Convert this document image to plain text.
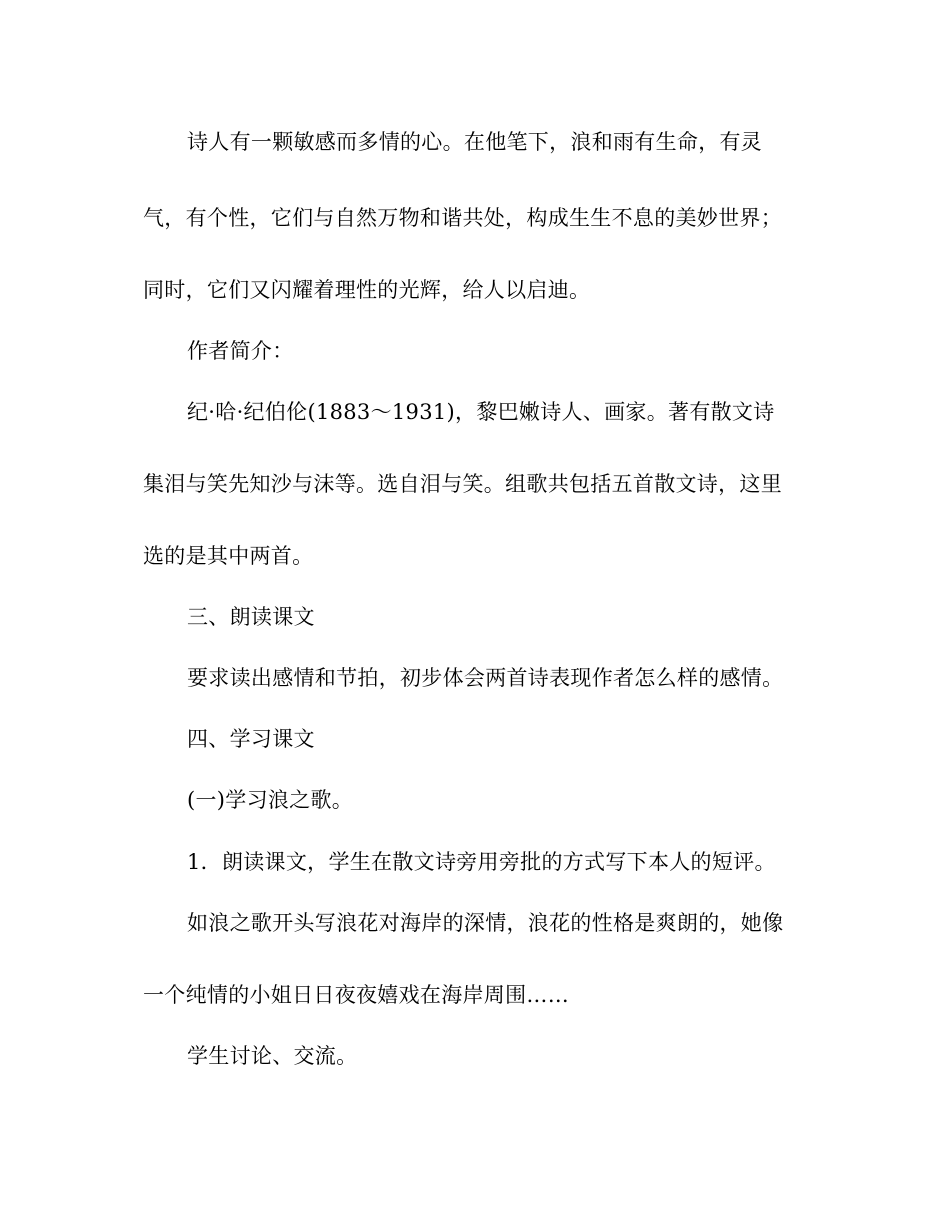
诗人有一颗敏感而多情的心。在他笔下，浪和雨有生命，有灵
气，有个性，它们与自然万物和谐共处，构成生生不息的美妙世界；
同时，它们又闪耀着理性的光辉，给人以启迪。
作者简介：
纪·哈·纪伯伦(1883～1931)，黎巴嫩诗人、画家。著有散文诗
集泪与笑先知沙与沫等。选自泪与笑。组歌共包括五首散文诗，这里
选的是其中两首。
三、朗读课文
要求读出感情和节拍，初步体会两首诗表现作者怎么样的感情。
四、学习课文
(一)学习浪之歌。
1．朗读课文，学生在散文诗旁用旁批的方式写下本人的短评。
如浪之歌开头写浪花对海岸的深情，浪花的性格是爽朗的，她像
一个纯情的小姐日日夜夜嬉戏在海岸周围……
学生讨论、交流。
